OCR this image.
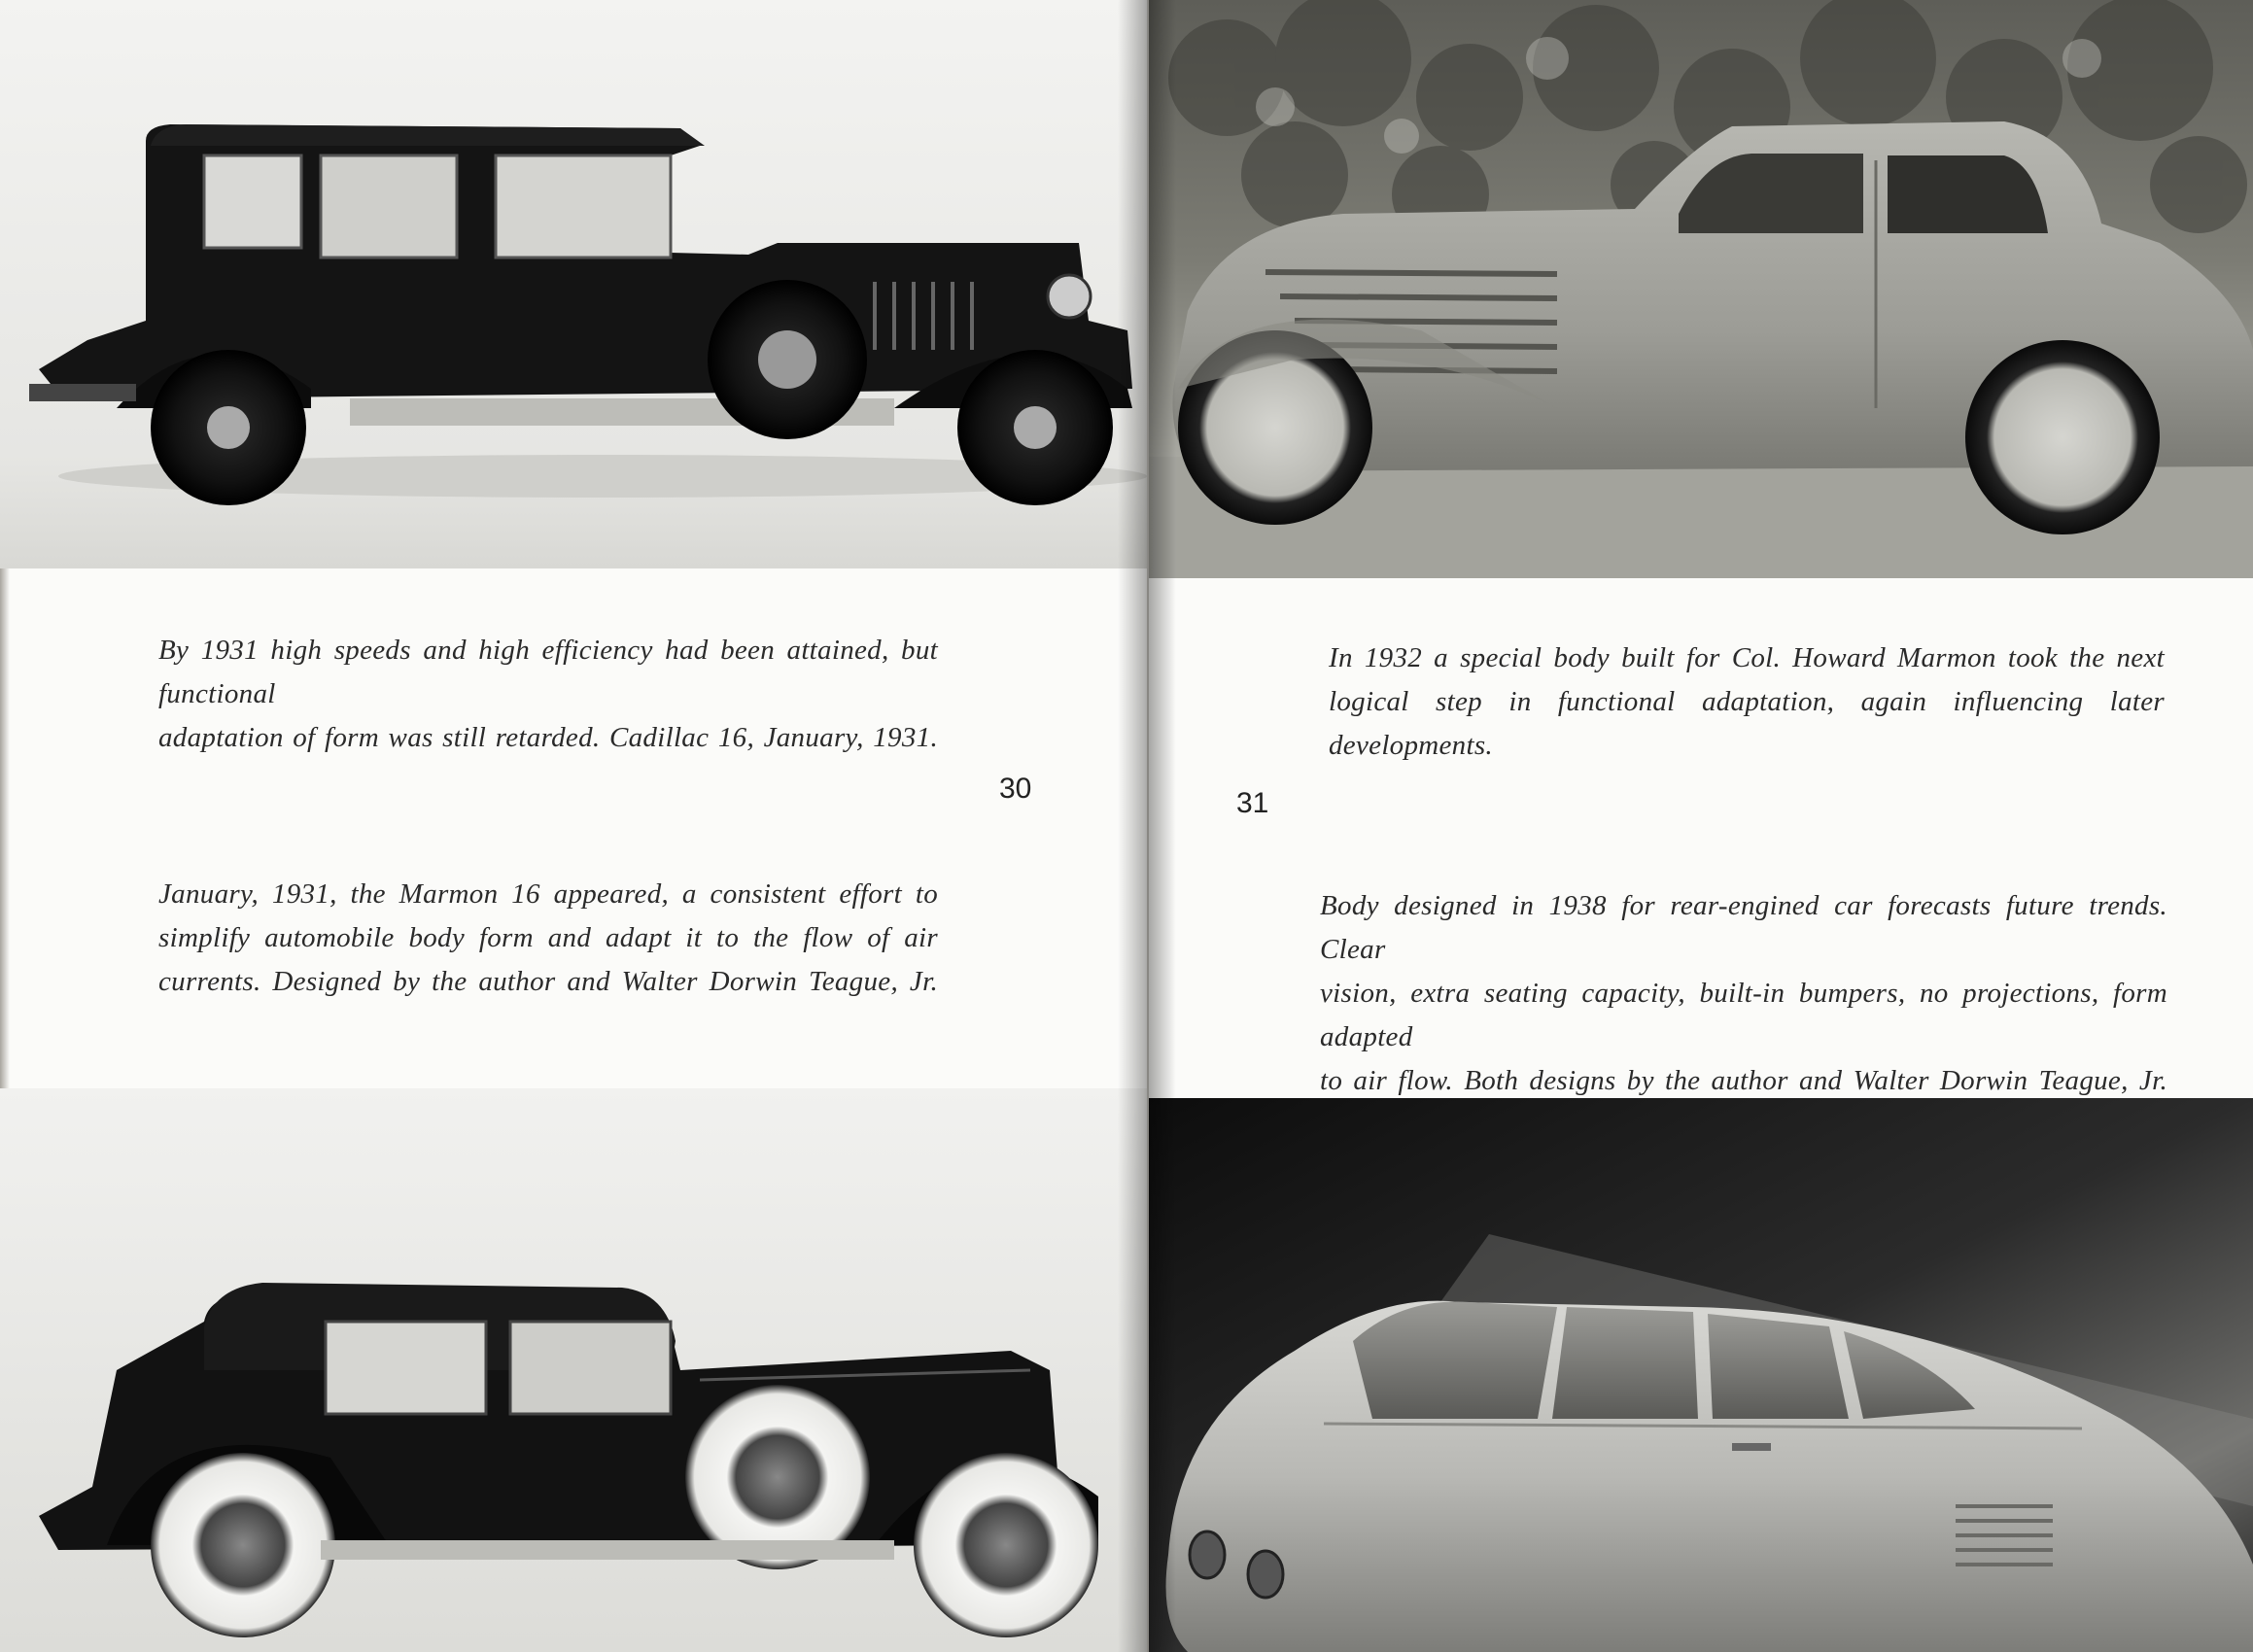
By 1931 high speeds and high efficiency had been attained, but functional
adaptation of form was still retarded. Cadillac 16, January, 1931.
30
January, 1931, the Marmon 16 appeared, a consistent effort to
simplify automobile body form and adapt it to the flow of air
currents. Designed by the author and Walter Dorwin Teague, Jr.
In 1932 a special body built for Col. Howard Marmon took the next
logical step in functional adaptation, again influencing later developments.
31
Body designed in 1938 for rear-engined car forecasts future trends. Clear
vision, extra seating capacity, built-in bumpers, no projections, form adapted
to air flow. Both designs by the author and Walter Dorwin Teague, Jr.
